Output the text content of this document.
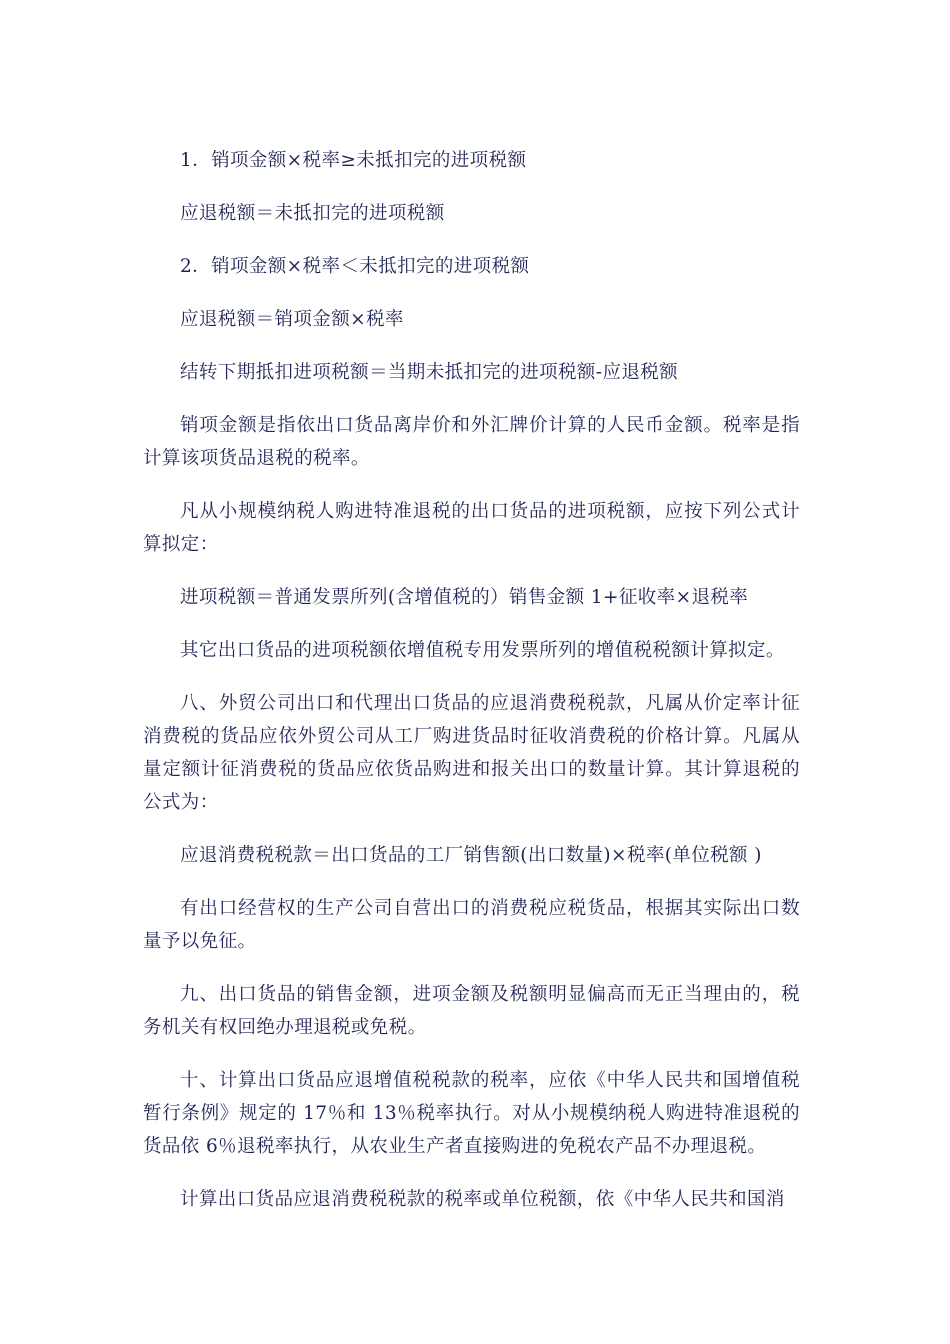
1．销项金额×税率≥未抵扣完的进项税额

应退税额＝未抵扣完的进项税额

2．销项金额×税率＜未抵扣完的进项税额

应退税额＝销项金额×税率

结转下期抵扣进项税额＝当期未抵扣完的进项税额-应退税额

销项金额是指依出口货品离岸价和外汇牌价计算的人民币金额。税率是指计算该项货品退税的税率。

凡从小规模纳税人购进特准退税的出口货品的进项税额，应按下列公式计算拟定：

进项税额＝普通发票所列(含增值税的）销售金额 1+征收率×退税率

其它出口货品的进项税额依增值税专用发票所列的增值税税额计算拟定。

八、外贸公司出口和代理出口货品的应退消费税税款，凡属从价定率计征消费税的货品应依外贸公司从工厂购进货品时征收消费税的价格计算。凡属从量定额计征消费税的货品应依货品购进和报关出口的数量计算。其计算退税的公式为：

应退消费税税款＝出口货品的工厂销售额(出口数量)×税率(单位税额 )

有出口经营权的生产公司自营出口的消费税应税货品，根据其实际出口数量予以免征。

九、出口货品的销售金额，进项金额及税额明显偏高而无正当理由的，税务机关有权回绝办理退税或免税。

十、计算出口货品应退增值税税款的税率，应依《中华人民共和国增值税暂行条例》规定的 17％和 13％税率执行。对从小规模纳税人购进特准退税的货品依 6％退税率执行，从农业生产者直接购进的免税农产品不办理退税。

计算出口货品应退消费税税款的税率或单位税额，依《中华人民共和国消
